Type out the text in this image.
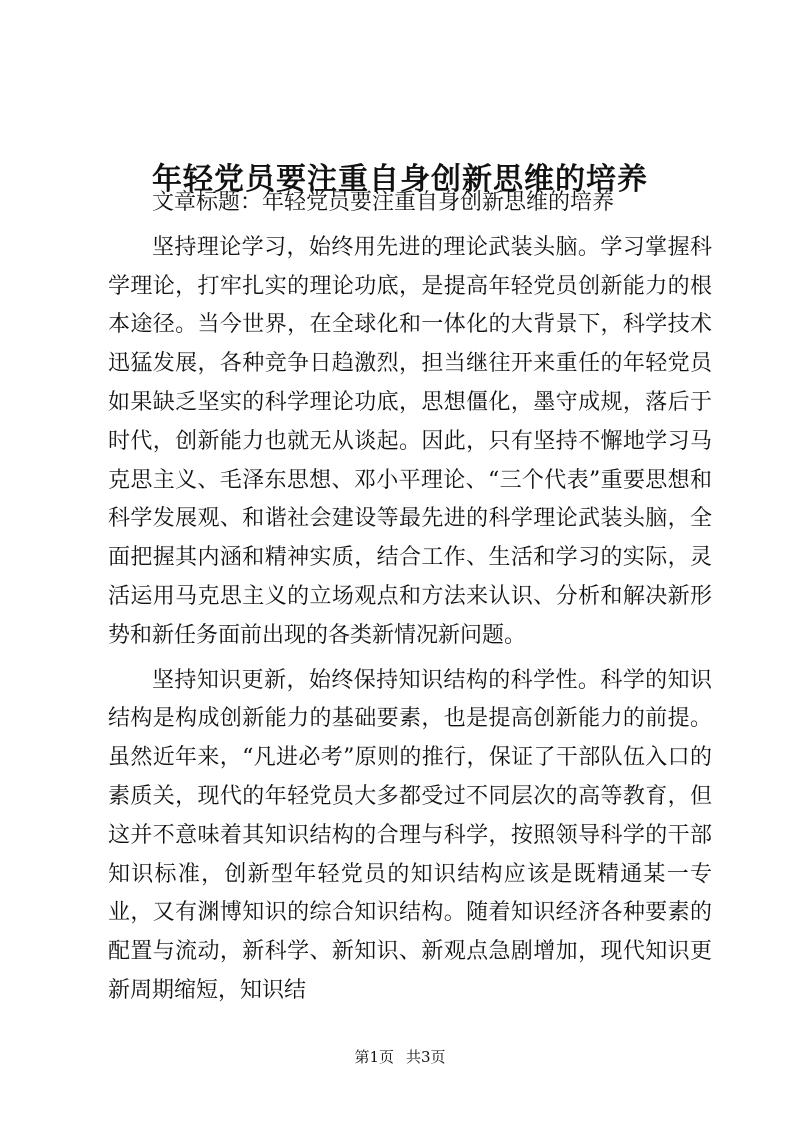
年轻党员要注重自身创新思维的培养

文章标题：年轻党员要注重自身创新思维的培养

坚持理论学习，始终用先进的理论武装头脑。学习掌握科学理论，打牢扎实的理论功底，是提高年轻党员创新能力的根本途径。当今世界，在全球化和一体化的大背景下，科学技术迅猛发展，各种竞争日趋激烈，担当继往开来重任的年轻党员如果缺乏坚实的科学理论功底，思想僵化，墨守成规，落后于时代，创新能力也就无从谈起。因此，只有坚持不懈地学习马克思主义、毛泽东思想、邓小平理论、“三个代表”重要思想和科学发展观、和谐社会建设等最先进的科学理论武装头脑，全面把握其内涵和精神实质，结合工作、生活和学习的实际，灵活运用马克思主义的立场观点和方法来认识、分析和解决新形势和新任务面前出现的各类新情况新问题。

坚持知识更新，始终保持知识结构的科学性。科学的知识结构是构成创新能力的基础要素，也是提高创新能力的前提。虽然近年来，“凡进必考”原则的推行，保证了干部队伍入口的素质关，现代的年轻党员大多都受过不同层次的高等教育，但这并不意味着其知识结构的合理与科学，按照领导科学的干部知识标准，创新型年轻党员的知识结构应该是既精通某一专业，又有渊博知识的综合知识结构。随着知识经济各种要素的配置与流动，新科学、新知识、新观点急剧增加，现代知识更新周期缩短，知识结

第1页 共3页
